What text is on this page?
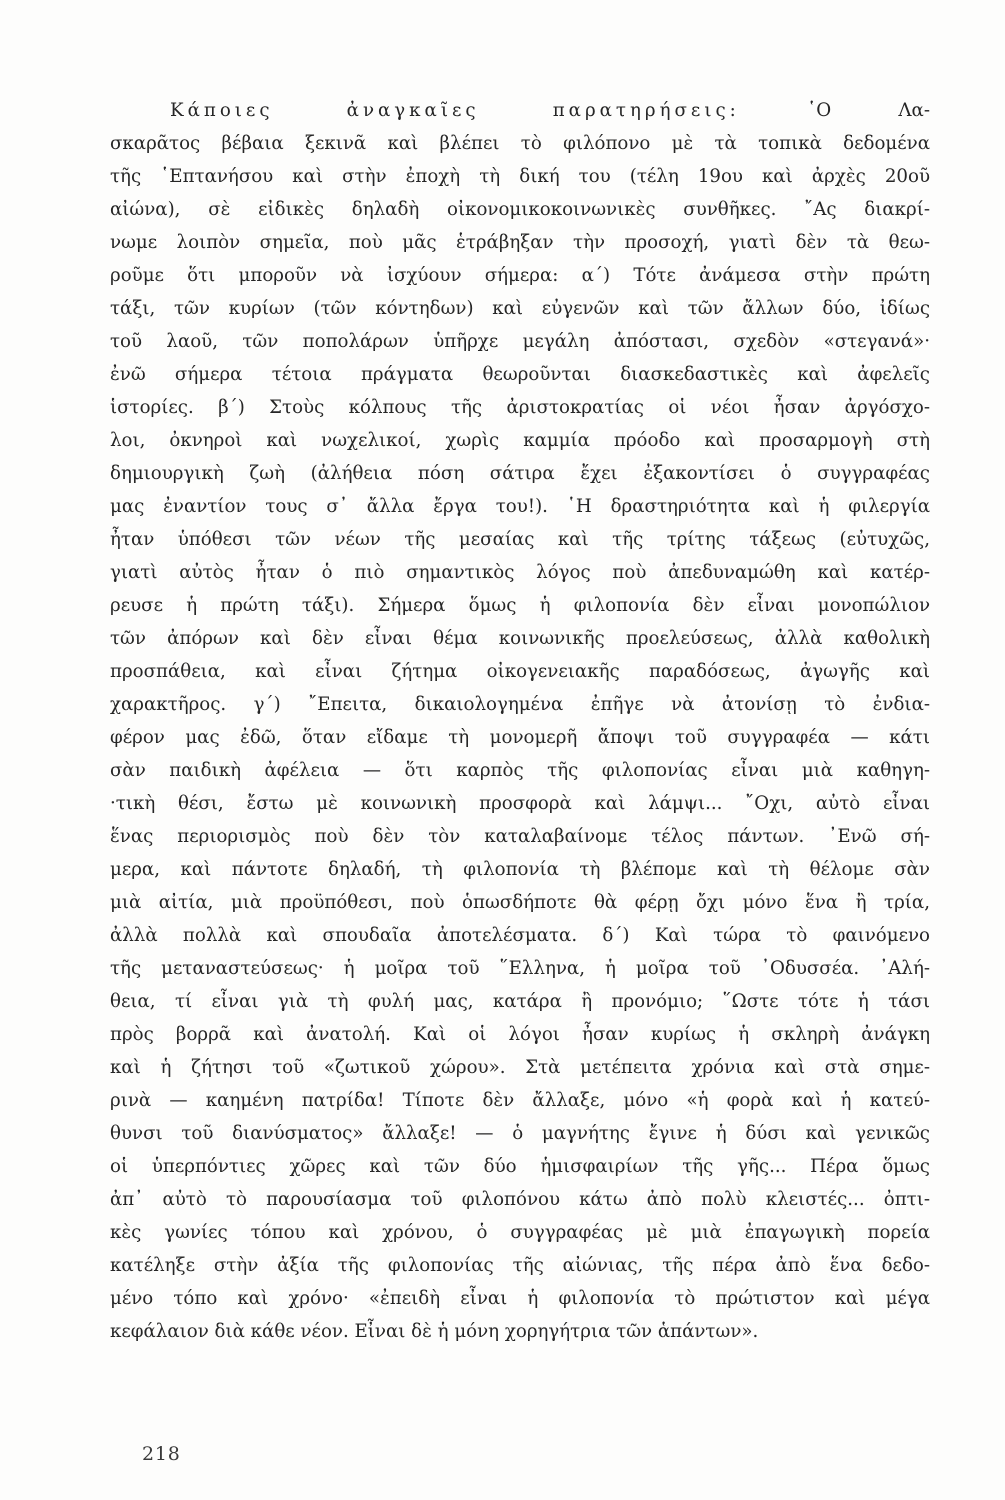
Κάποιες ἀναγκαῖες παρατηρήσεις:	῾Ο Λα-
σκαρᾶτος βέβαια ξεκινᾶ καὶ βλέπει τὸ φιλόπονο μὲ τὰ τοπικὰ δεδομένα
τῆς ῾Επτανήσου καὶ στὴν ἐποχὴ τὴ δική του (τέλη 19ου καὶ ἀρχὲς 20οῦ
αἰώνα), σὲ εἰδικὲς δηλαδὴ οἰκονομικοκοινωνικὲς συνθῆκες. ῎Ας διακρί-
νωμε λοιπὸν σημεῖα, ποὺ μᾶς ἑτράβηξαν τὴν προσοχή, γιατὶ δὲν τὰ θεω-
ροῦμε ὅτι μποροῦν νὰ ἰσχύουν σήμερα: α΄) Τότε ἀνάμεσα στὴν πρώτη
τάξι, τῶν κυρίων (τῶν κόντηδων) καὶ εὐγενῶν καὶ τῶν ἄλλων δύο, ἰδίως
τοῦ λαοῦ, τῶν ποπολάρων ὑπῆρχε μεγάλη ἀπόστασι, σχεδὸν «στεγανά»·
ἐνῶ σήμερα τέτοια πράγματα θεωροῦνται διασκεδαστικὲς καὶ ἀφελεῖς
ἱστορίες. β΄) Στοὺς κόλπους τῆς ἀριστοκρατίας οἱ νέοι ἦσαν ἀργόσχο-
λοι, ὀκνηροὶ καὶ νωχελικοί, χωρὶς καμμία πρόοδο καὶ προσαρμογὴ στὴ
δημιουργικὴ ζωὴ (ἀλήθεια πόση σάτιρα ἔχει ἐξακοντίσει ὁ συγγραφέας
μας ἐναντίον τους σ᾽ ἄλλα ἔργα του!). ῾Η δραστηριότητα καὶ ἡ φιλεργία
ἦταν ὑπόθεσι τῶν νέων τῆς μεσαίας καὶ τῆς τρίτης τάξεως (εὐτυχῶς,
γιατὶ αὐτὸς ἦταν ὁ πιὸ σημαντικὸς λόγος ποὺ ἀπεδυναμώθη καὶ κατέρ-
ρευσε ἡ πρώτη τάξι). Σήμερα ὅμως ἡ φιλοπονία δὲν εἶναι μονοπώλιον
τῶν ἀπόρων καὶ δὲν εἶναι θέμα κοινωνικῆς προελεύσεως, ἀλλὰ καθολικὴ
προσπάθεια, καὶ εἶναι ζήτημα οἰκογενειακῆς παραδόσεως, ἀγωγῆς καὶ
χαρακτῆρος. γ΄) ῎Επειτα, δικαιολογημένα ἐπῆγε νὰ ἀτονίσῃ τὸ ἐνδια-
φέρον μας ἐδῶ, ὅταν εἴδαμε τὴ μονομερῆ ἄποψι τοῦ συγγραφέα — κάτι
σὰν παιδικὴ ἀφέλεια — ὅτι καρπὸς τῆς φιλοπονίας εἶναι μιὰ καθηγη-
·τικὴ θέσι, ἔστω μὲ κοινωνικὴ προσφορὰ καὶ λάμψι... ῎Οχι, αὐτὸ εἶναι
ἕνας περιορισμὸς ποὺ δὲν τὸν καταλαβαίνομε τέλος πάντων. ᾽Ενῶ σή-
μερα, καὶ πάντοτε δηλαδή, τὴ φιλοπονία τὴ βλέπομε καὶ τὴ θέλομε σὰν
μιὰ αἰτία, μιὰ προϋπόθεσι, ποὺ ὁπωσδήποτε θὰ φέρῃ ὄχι μόνο ἕνα ἢ τρία,
ἀλλὰ πολλὰ καὶ σπουδαῖα ἀποτελέσματα. δ΄) Καὶ τώρα τὸ φαινόμενο
τῆς μεταναστεύσεως· ἡ μοῖρα τοῦ ῞Ελληνα, ἡ μοῖρα τοῦ ᾽Οδυσσέα. ᾽Αλή-
θεια, τί εἶναι γιὰ τὴ φυλή μας, κατάρα ἢ προνόμιο; ῞Ωστε τότε ἡ τάσι
πρὸς βορρᾶ καὶ ἀνατολή. Καὶ οἱ λόγοι ἦσαν κυρίως ἡ σκληρὴ ἀνάγκη
καὶ ἡ ζήτησι τοῦ «ζωτικοῦ χώρου». Στὰ μετέπειτα χρόνια καὶ στὰ σημε-
ρινὰ — καημένη πατρίδα! Τίποτε δὲν ἄλλαξε, μόνο «ἡ φορὰ καὶ ἡ κατεύ-
θυνσι τοῦ διανύσματος» ἄλλαξε! — ὁ μαγνήτης ἔγινε ἡ δύσι καὶ γενικῶς
οἱ ὑπερπόντιες χῶρες καὶ τῶν δύο ἡμισφαιρίων τῆς γῆς... Πέρα ὅμως
ἀπ᾽ αὐτὸ τὸ παρουσίασμα τοῦ φιλοπόνου κάτω ἀπὸ πολὺ κλειστές... ὀπτι-
κὲς γωνίες τόπου καὶ χρόνου, ὁ συγγραφέας μὲ μιὰ ἐπαγωγικὴ πορεία
κατέληξε στὴν ἀξία τῆς φιλοπονίας τῆς αἰώνιας, τῆς πέρα ἀπὸ ἕνα δεδο-
μένο τόπο καὶ χρόνο· «ἐπειδὴ εἶναι ἡ φιλοπονία τὸ πρώτιστον καὶ μέγα
κεφάλαιον διὰ κάθε νέον. Εἶναι δὲ ἡ μόνη χορηγήτρια τῶν ἁπάντων».
218
